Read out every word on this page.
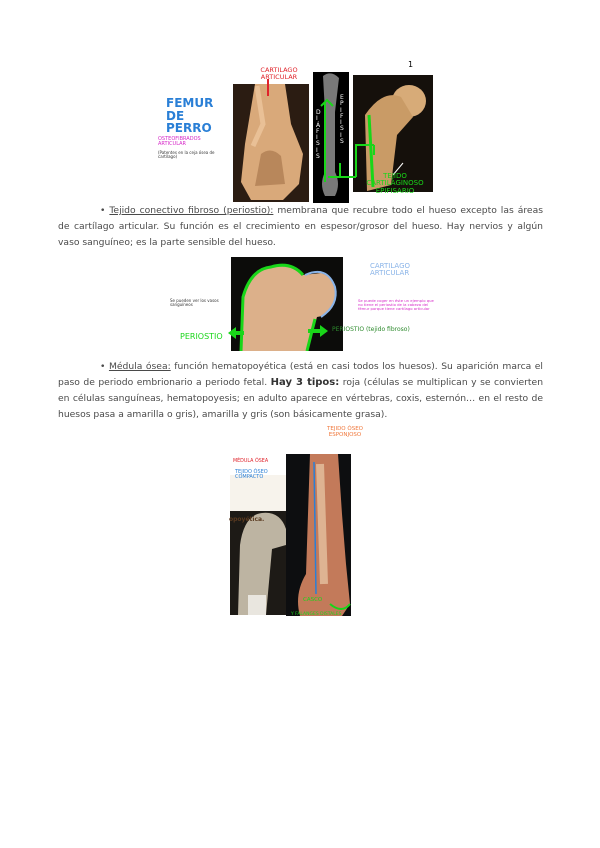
DIÁFISIS
EPIFISIS
1
FEMUR DE PERRO
CARTILAGO ARTICULAR
OSTEOFIBRADOS ARTICULAR
(Patentes en la ceja ósea de cartílago)
TEJIDO CARTILAGINOSO EPIFISARIO
• Tejido conectivo fibroso (periostio): membrana que recubre todo el hueso excepto las áreas de cartílago articular. Su función es el crecimiento en espesor/grosor del hueso. Hay nervios y algún vaso sanguíneo; es la parte sensible del hueso.
CARTILAGO ARTICULAR
Se puede coger en éste un ejemplo que no tiene el periostio de la cabeza del fémur porque tiene cartílago articular
Se pueden ver los vasos sanguíneos
PERIOSTIO
PERIOSTIO (tejido fibroso)
• Médula ósea: función hematopoyética (está en casi todos los huesos). Su aparición marca el paso de periodo embrionario a periodo fetal. Hay 3 tipos: roja (células se multiplican y se convierten en células sanguíneas, hematopoyesis; en adulto aparece en vértebras, coxis, esternón… en el resto de huesos pasa a amarilla o gris), amarilla y gris (son básicamente grasa).
opoyética.
TEJIDO ÓSEO ESPONJOSO
MÉDULA ÓSEA
TEJIDO ÓSEO COMPACTO
CASCO
Y FALANGES DISTALES
